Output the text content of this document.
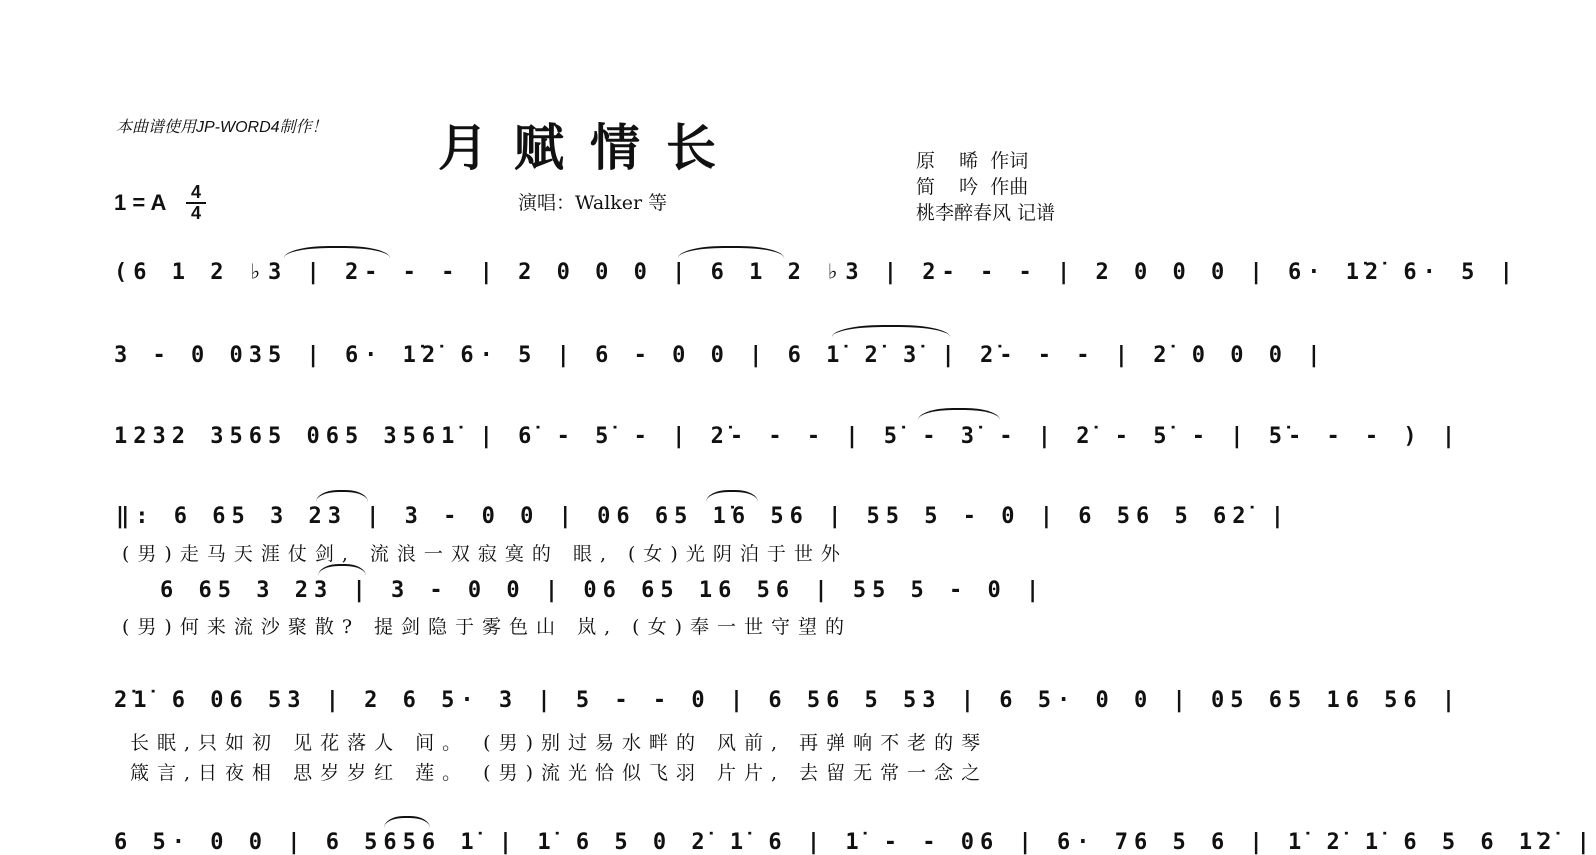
本曲谱使用JP-WORD4制作！ 月赋情长
1 = A	4
4	演唱：Walker 等
原    晞  作词
简    吟  作曲
桃李醉春风 记谱
(6 1 2 ♭3 | 2- - - | 2 0 0 0 | 6 1 2 ♭3 | 2- - - | 2 0 0 0 | 6· 1̇2̇ 6· 5 |
3 - 0 035 | 6· 1̇2̇ 6· 5 | 6 - 0 0 | 6 1̇ 2̇ 3̇ | 2̇- - - | 2̇ 0 0 0 |
1232 3565 065 3561̇ | 6̇ - 5̇ - | 2̇- - - | 5̇ - 3̇ - | 2̇ - 5̇ - | 5̇- - - ) |
‖: 6 65 3 23 | 3 - 0 0 | 06 65 1̇6 56 | 55 5 - 0 | 6 56 5 62̇ |
(男)走马天涯仗剑, 流浪一双寂寞的 眼, (女)光阴泊于世外
6 65 3 23 | 3 - 0 0 | 06 65 16 56 | 55 5 - 0 |
(男)何来流沙聚散? 提剑隐于雾色山 岚, (女)奉一世守望的
2̇1̇ 6 06 53 | 2 6 5· 3 | 5 - - 0 | 6 56 5 53 | 6 5· 0 0 | 05 65 16 56 |
长眠,只如初 见花落人 间。 (男)别过易水畔的 风前, 再弹响不老的琴
箴言,日夜相 思岁岁红 莲。 (男)流光恰似飞羽 片片, 去留无常一念之
6 5· 0 0 | 6 5656 1̇ | 1̇ 6 5 0 2̇ 1̇ 6 | 1̇ - - 06 | 6· 76 5 6 | 1̇ 2̇ 1̇ 6 5 6 1̇2̇ |
